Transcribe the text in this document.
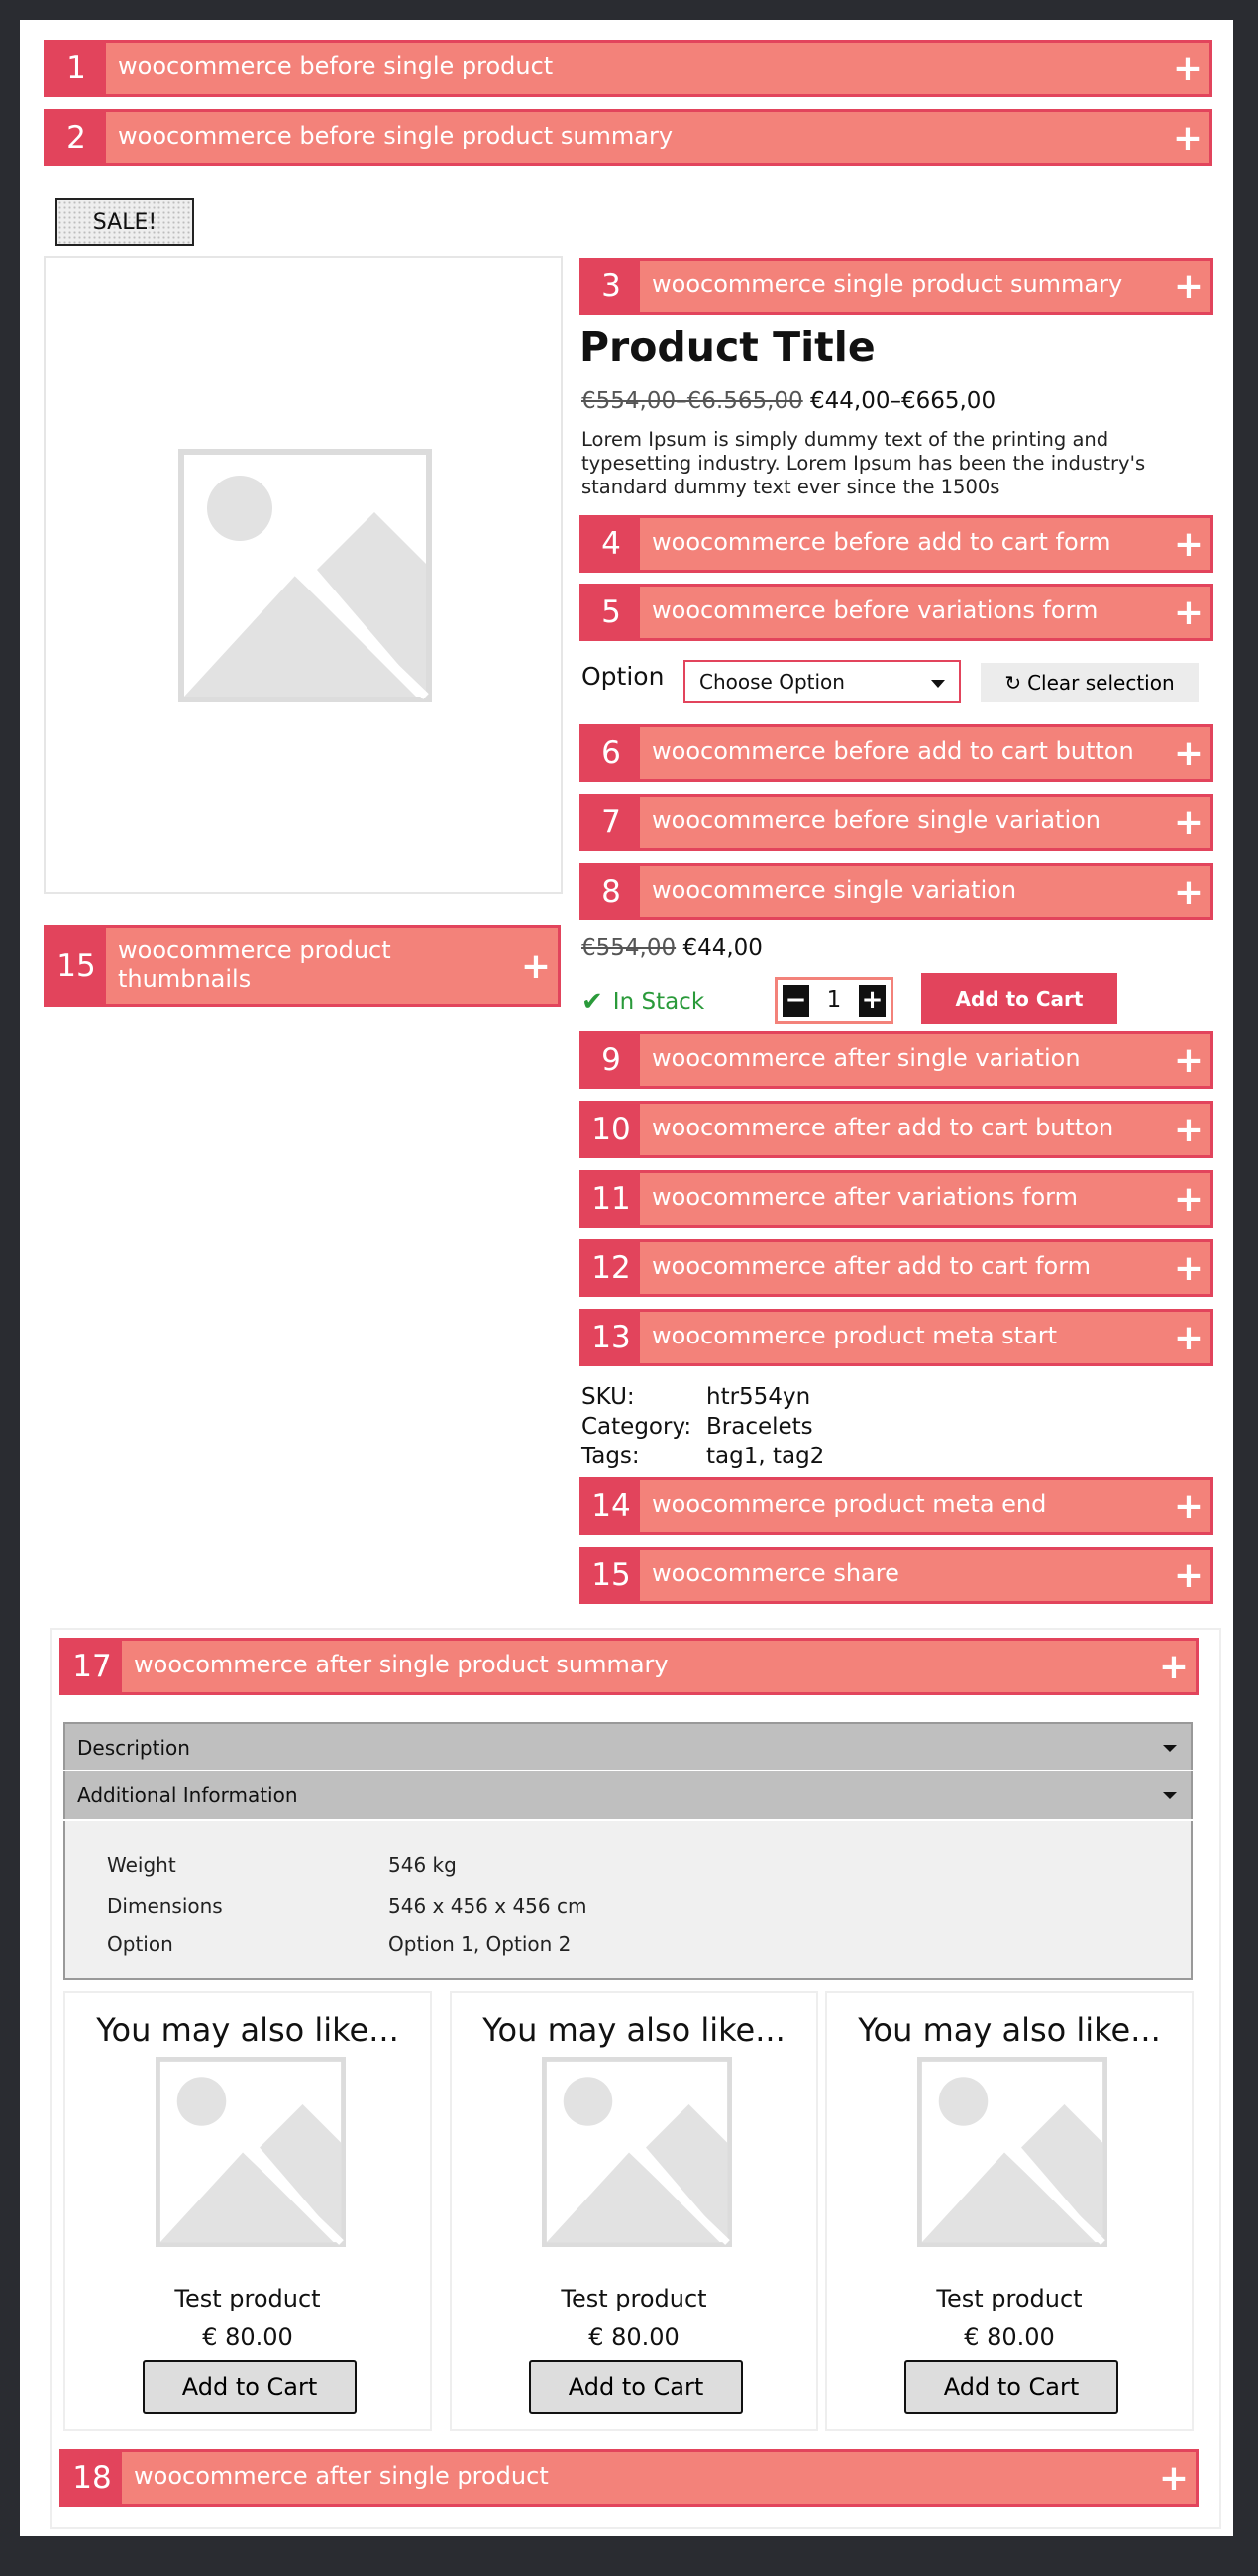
1	woocommerce before single product	+
2	woocommerce before single product summary	+
SALE!
15 woocommerce product thumbnails	+
3	woocommerce single product summary	+
Product Title
€554,00–€6.565,00 €44,00–€665,00
Lorem Ipsum is simply dummy text of the printing and typesetting industry. Lorem Ipsum has been the industry's standard dummy text ever since the 1500s
4	woocommerce before add to cart form	+
5	woocommerce before variations form	+
Option	Choose Option	↻ Clear selection
6	woocommerce before add to cart button	+
7	woocommerce before single variation	+
8	woocommerce single variation	+
€554,00 €44,00
✔ In Stack	− 1 +	Add to Cart
9	woocommerce after single variation	+
10 woocommerce after add to cart button	+
11 woocommerce after variations form	+
12 woocommerce after add to cart form	+
13 woocommerce product meta start	+
SKU:	htr554yn
Category: Bracelets
Tags:	tag1, tag2
14 woocommerce product meta end	+
15 woocommerce share	+
17 woocommerce after single product summary	+
Description
Additional Information
Weight	546 kg
Dimensions	546 x 456 x 456 cm
Option	Option 1, Option 2
You may also like...
Test product
€ 80.00
Add to Cart
You may also like...
Test product
€ 80.00
Add to Cart
You may also like...
Test product
€ 80.00
Add to Cart
18 woocommerce after single product	+
